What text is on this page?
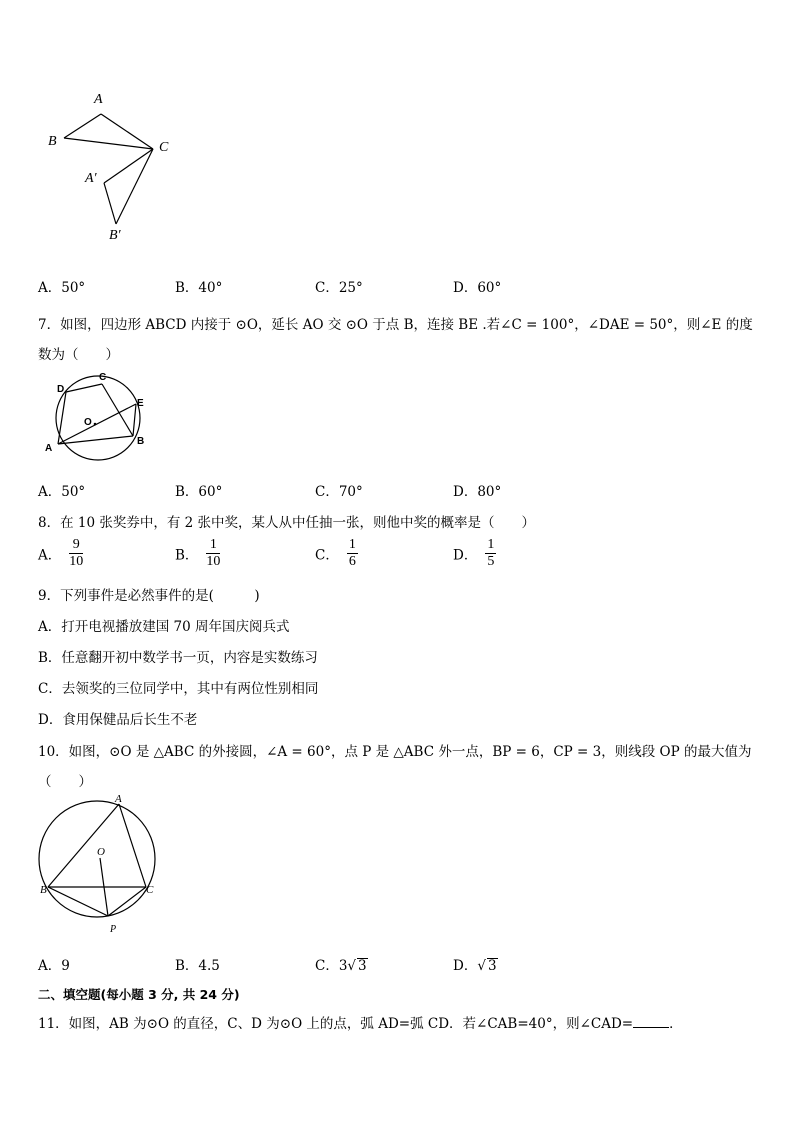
A
B	C
A′
B′
A．50°	B．40°	C．25°	D．60°
7．如图，四边形 ABCD 内接于 ⊙O，延长 AO 交 ⊙O 于点 B，连接 BE .若∠C = 100°，∠DAE = 50°，则∠E 的度
数为（　　）
D
C
E
O
A
B
A．50°	B．60°	C．70°	D．80°
8．在 10 张奖券中，有 2 张中奖，某人从中任抽一张，则他中奖的概率是（　　）
A． $\frac{9}{10}$	B． $\frac{1}{10}$	C． $\frac{1}{6}$	D． $\frac{1}{5}$
9．下列事件是必然事件的是(　　　)
A．打开电视播放建国 70 周年国庆阅兵式
B．任意翻开初中数学书一页，内容是实数练习
C．去领奖的三位同学中，其中有两位性别相同
D．食用保健品后长生不老
10．如图，⊙O 是 △ABC 的外接圆，∠A = 60°，点 P 是 △ABC 外一点，BP = 6，CP = 3，则线段 OP 的最大值为
（　　）
A
O
B	C
P
A．9	B．4.5	C．3√ 3	D．√ 3
二、填空题(每小题 3 分, 共 24 分)
11．如图，AB 为⊙O 的直径，C、D 为⊙O 上的点，弧 AD=弧 CD．若∠CAB=40°，则∠CAD=	．
